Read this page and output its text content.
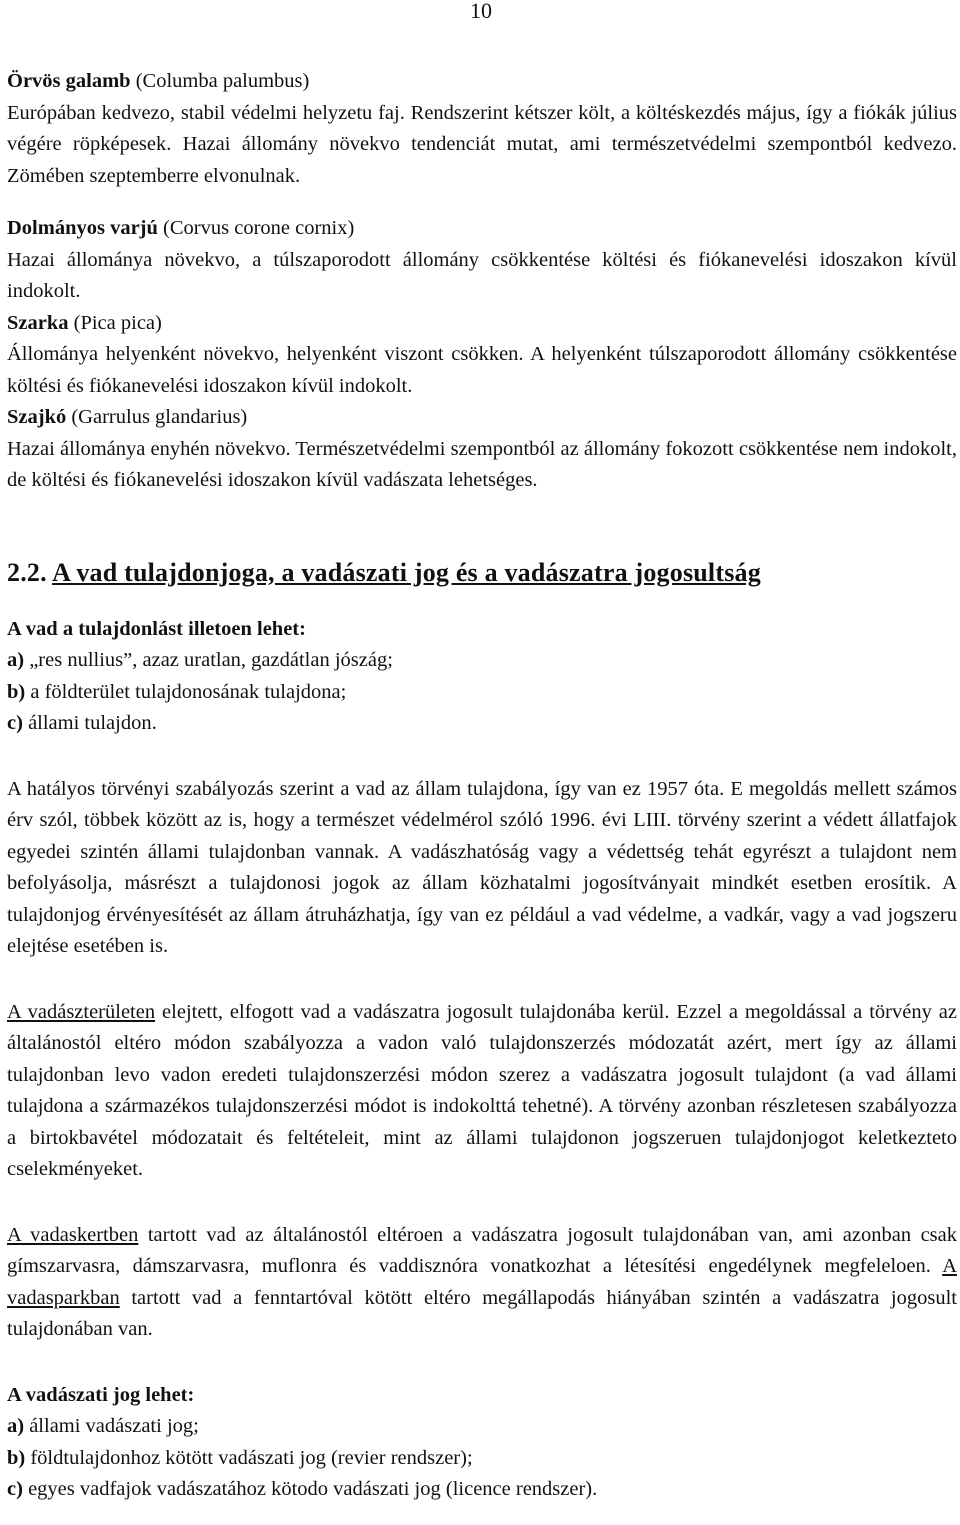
10

Örvös galamb (Columba palumbus)

Európában kedvezo, stabil védelmi helyzetu faj. Rendszerint kétszer költ, a költéskezdés május, így a fiókák július végére röpképesek. Hazai állomány növekvo tendenciát mutat, ami természetvédelmi szempontból kedvezo. Zömében szeptemberre elvonulnak.

Dolmányos varjú (Corvus corone cornix)

Hazai állománya növekvo, a túlszaporodott állomány csökkentése költési és fiókanevelési idoszakon kívül indokolt.

Szarka (Pica pica)

Állománya helyenként növekvo, helyenként viszont csökken. A helyenként túlszaporodott állomány csökkentése költési és fiókanevelési idoszakon kívül indokolt.

Szajkó (Garrulus glandarius)

Hazai állománya enyhén növekvo. Természetvédelmi szempontból az állomány fokozott csökkentése nem indokolt, de költési és fiókanevelési idoszakon kívül vadászata lehetséges.

2.2. A vad tulajdonjoga, a vadászati jog és a vadászatra jogosultság

A vad a tulajdonlást illetoen lehet:

a) „res nullius”, azaz uratlan, gazdátlan jószág;

b) a földterület tulajdonosának tulajdona;

c) állami tulajdon.

A hatályos törvényi szabályozás szerint a vad az állam tulajdona, így van ez 1957 óta. E megoldás mellett számos érv szól, többek között az is, hogy a természet védelmérol szóló 1996. évi LIII. törvény szerint a védett állatfajok egyedei szintén állami tulajdonban vannak. A vadászhatóság vagy a védettség tehát egyrészt a tulajdont nem befolyásolja, másrészt a tulajdonosi jogok az állam közhatalmi jogosítványait mindkét esetben erosítik. A tulajdonjog érvényesítését az állam átruházhatja, így van ez például a vad védelme, a vadkár, vagy a vad jogszeru elejtése esetében is.

A vadászterületen elejtett, elfogott vad a vadászatra jogosult tulajdonába kerül. Ezzel a megoldással a törvény az általánostól eltéro módon szabályozza a vadon való tulajdonszerzés módozatát azért, mert így az állami tulajdonban levo vadon eredeti tulajdonszerzési módon szerez a vadászatra jogosult tulajdont (a vad állami tulajdona a származékos tulajdonszerzési módot is indokolttá tehetné). A törvény azonban részletesen szabályozza a birtokbavétel módozatait és feltételeit, mint az állami tulajdonon jogszeruen tulajdonjogot keletkezteto cselekményeket.

A vadaskertben tartott vad az általánostól eltéroen a vadászatra jogosult tulajdonában van, ami azonban csak gímszarvasra, dámszarvasra, muflonra és vaddisznóra vonatkozhat a létesítési engedélynek megfeleloen. A vadasparkban tartott vad a fenntartóval kötött eltéro megállapodás hiányában szintén a vadászatra jogosult tulajdonában van.

A vadászati jog lehet:

a) állami vadászati jog;

b) földtulajdonhoz kötött vadászati jog (revier rendszer);

c) egyes vadfajok vadászatához kötodo vadászati jog (licence rendszer).
